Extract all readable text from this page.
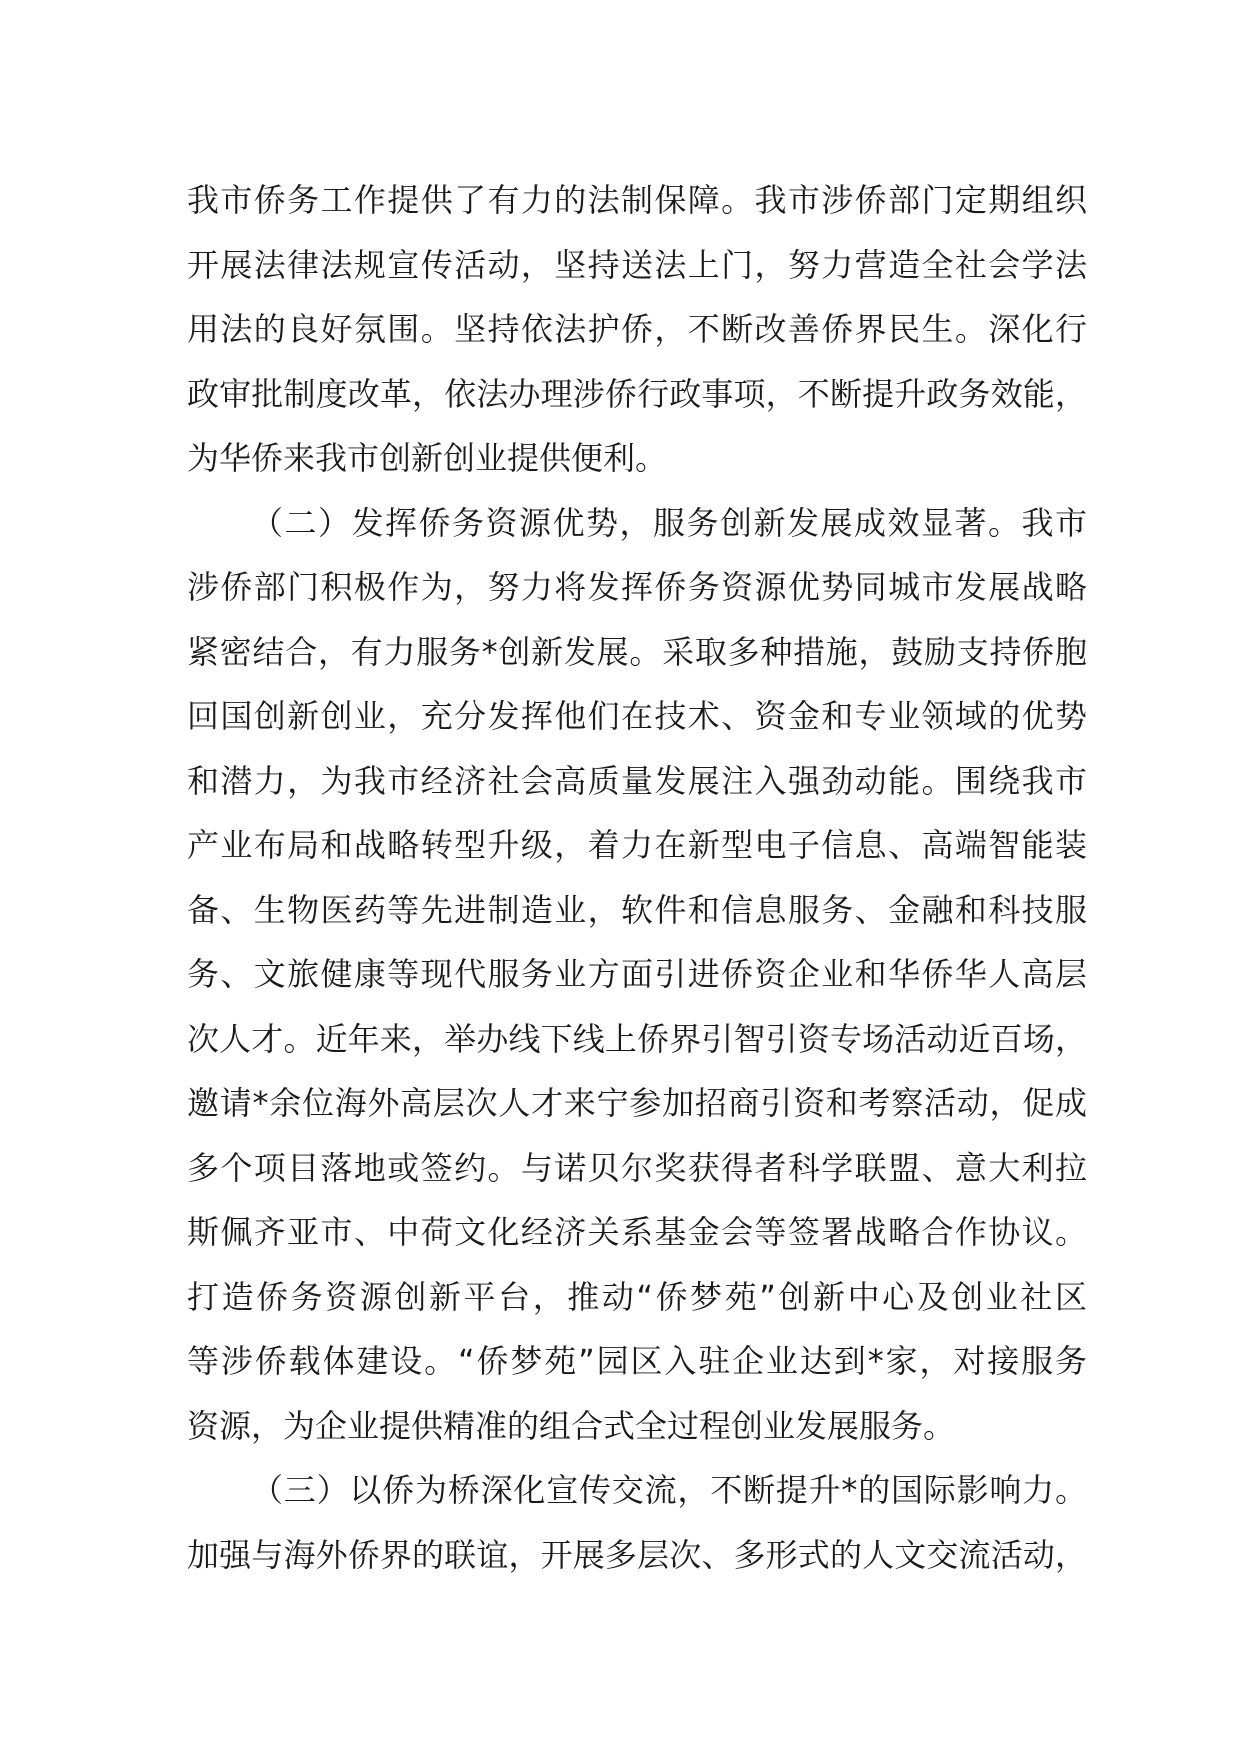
我市侨务工作提供了有力的法制保障。我市涉侨部门定期组织
开展法律法规宣传活动，坚持送法上门，努力营造全社会学法
用法的良好氛围。坚持依法护侨，不断改善侨界民生。深化行
政审批制度改革，依法办理涉侨行政事项，不断提升政务效能，
为华侨来我市创新创业提供便利。
（二）发挥侨务资源优势，服务创新发展成效显著。我市
涉侨部门积极作为，努力将发挥侨务资源优势同城市发展战略
紧密结合，有力服务*创新发展。采取多种措施，鼓励支持侨胞
回国创新创业，充分发挥他们在技术、资金和专业领域的优势
和潜力，为我市经济社会高质量发展注入强劲动能。围绕我市
产业布局和战略转型升级，着力在新型电子信息、高端智能装
备、生物医药等先进制造业，软件和信息服务、金融和科技服
务、文旅健康等现代服务业方面引进侨资企业和华侨华人高层
次人才。近年来，举办线下线上侨界引智引资专场活动近百场，
邀请*余位海外高层次人才来宁参加招商引资和考察活动，促成
多个项目落地或签约。与诺贝尔奖获得者科学联盟、意大利拉
斯佩齐亚市、中荷文化经济关系基金会等签署战略合作协议。
打造侨务资源创新平台，推动“侨梦苑”创新中心及创业社区
等涉侨载体建设。“侨梦苑”园区入驻企业达到*家，对接服务
资源，为企业提供精准的组合式全过程创业发展服务。
（三）以侨为桥深化宣传交流，不断提升*的国际影响力。
加强与海外侨界的联谊，开展多层次、多形式的人文交流活动，
